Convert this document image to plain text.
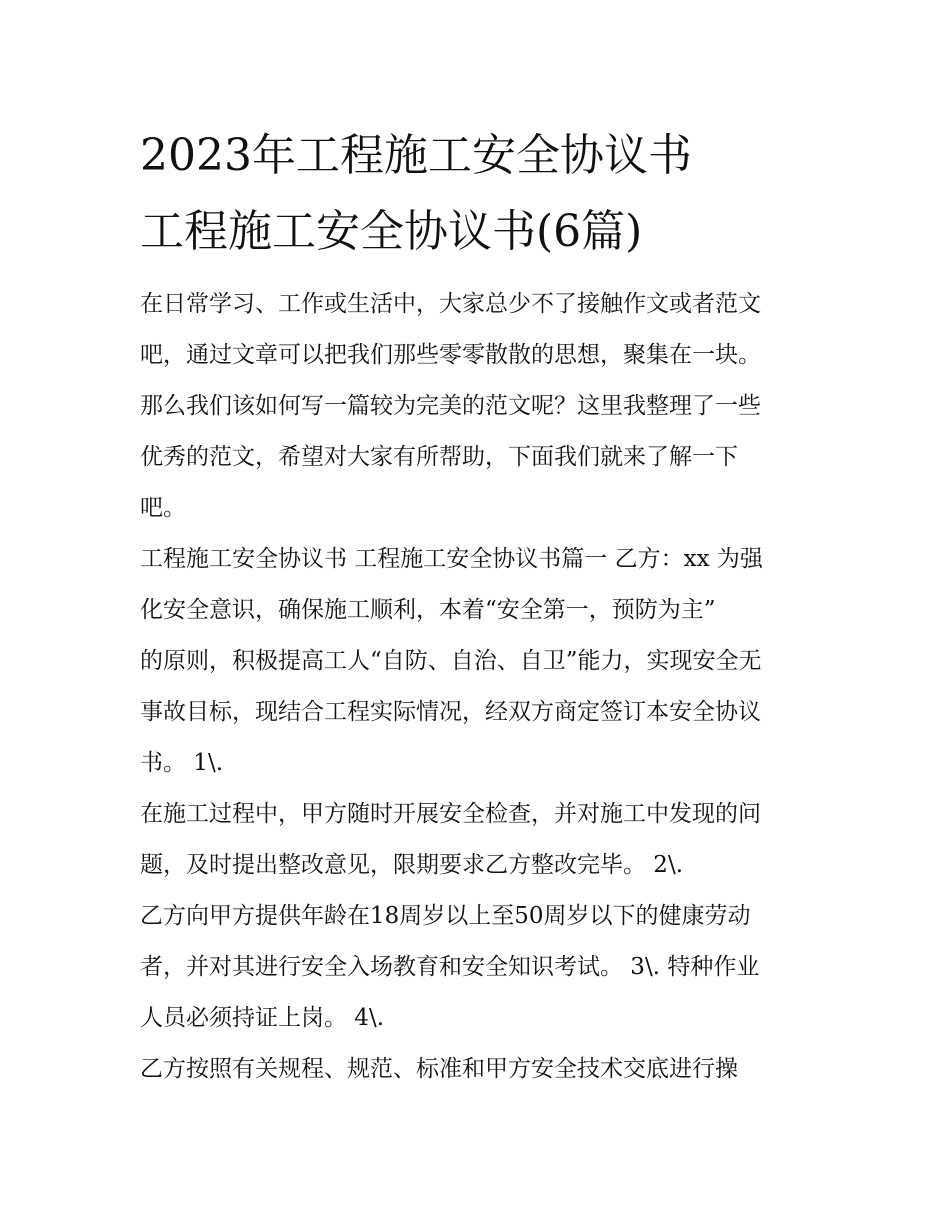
2023年工程施工安全协议书
工程施工安全协议书(6篇)
在日常学习、工作或生活中，大家总少不了接触作文或者范文
吧，通过文章可以把我们那些零零散散的思想，聚集在一块。
那么我们该如何写一篇较为完美的范文呢？这里我整理了一些
优秀的范文，希望对大家有所帮助，下面我们就来了解一下
吧。
工程施工安全协议书 工程施工安全协议书篇一 乙方：xx 为强
化安全意识，确保施工顺利，本着“安全第一，预防为主”
的原则，积极提高工人“自防、自治、自卫”能力，实现安全无
事故目标，现结合工程实际情况，经双方商定签订本安全协议
书。 1\.
在施工过程中，甲方随时开展安全检查，并对施工中发现的问
题，及时提出整改意见，限期要求乙方整改完毕。 2\.
乙方向甲方提供年龄在18周岁以上至50周岁以下的健康劳动
者，并对其进行安全入场教育和安全知识考试。 3\. 特种作业
人员必须持证上岗。 4\.
乙方按照有关规程、规范、标准和甲方安全技术交底进行操
